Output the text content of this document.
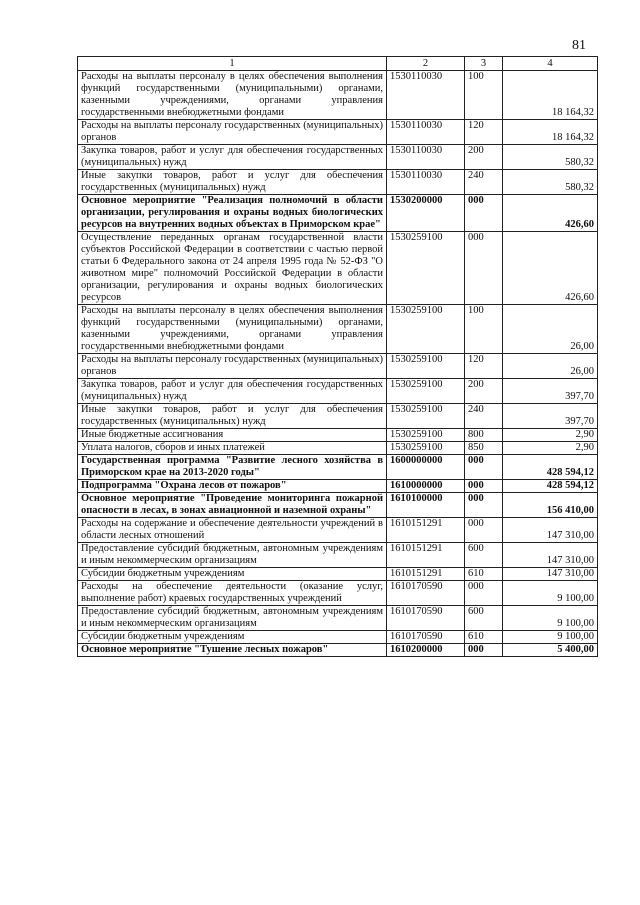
81
1	2	3	4
Расходы на выплаты персоналу в целях обеспечения выполнения функций государственными (муниципальными) органами, казенными учреждениями, органами управления государственными внебюджетными фондами	1530110030	100	18 164,32
Расходы на выплаты персоналу государственных (муниципальных) органов	1530110030	120	18 164,32
Закупка товаров, работ и услуг для обеспечения государственных (муниципальных) нужд	1530110030	200	580,32
Иные закупки товаров, работ и услуг для обеспечения государственных (муниципальных) нужд	1530110030	240	580,32
Основное мероприятие "Реализация полномочий в области организации, регулирования и охраны водных биологических ресурсов на внутренних водных объектах в Приморском крае"	1530200000	000	426,60
Осуществление переданных органам государственной власти субъектов Российской Федерации в соответствии с частью первой статьи 6 Федерального закона от 24 апреля 1995 года № 52-ФЗ "О животном мире" полномочий Российской Федерации в области организации, регулирования и охраны водных биологических ресурсов	1530259100	000	426,60
Расходы на выплаты персоналу в целях обеспечения выполнения функций государственными (муниципальными) органами, казенными учреждениями, органами управления государственными внебюджетными фондами	1530259100	100	26,00
Расходы на выплаты персоналу государственных (муниципальных) органов	1530259100	120	26,00
Закупка товаров, работ и услуг для обеспечения государственных (муниципальных) нужд	1530259100	200	397,70
Иные закупки товаров, работ и услуг для обеспечения государственных (муниципальных) нужд	1530259100	240	397,70
Иные бюджетные ассигнования	1530259100	800	2,90
Уплата налогов, сборов и иных платежей	1530259100	850	2,90
Государственная программа "Развитие лесного хозяйства в Приморском крае на 2013-2020 годы"	1600000000	000	428 594,12
Подпрограмма "Охрана лесов от пожаров"	1610000000	000	428 594,12
Основное мероприятие "Проведение мониторинга пожарной опасности в лесах, в зонах авиационной и наземной охраны"	1610100000	000	156 410,00
Расходы на содержание и обеспечение деятельности учреждений в области лесных отношений	1610151291	000	147 310,00
Предоставление субсидий бюджетным, автономным учреждениям и иным некоммерческим организациям	1610151291	600	147 310,00
Субсидии бюджетным учреждениям	1610151291	610	147 310,00
Расходы на обеспечение деятельности (оказание услуг, выполнение работ) краевых государственных учреждений	1610170590	000	9 100,00
Предоставление субсидий бюджетным, автономным учреждениям и иным некоммерческим организациям	1610170590	600	9 100,00
Субсидии бюджетным учреждениям	1610170590	610	9 100,00
Основное мероприятие "Тушение лесных пожаров"	1610200000	000	5 400,00
